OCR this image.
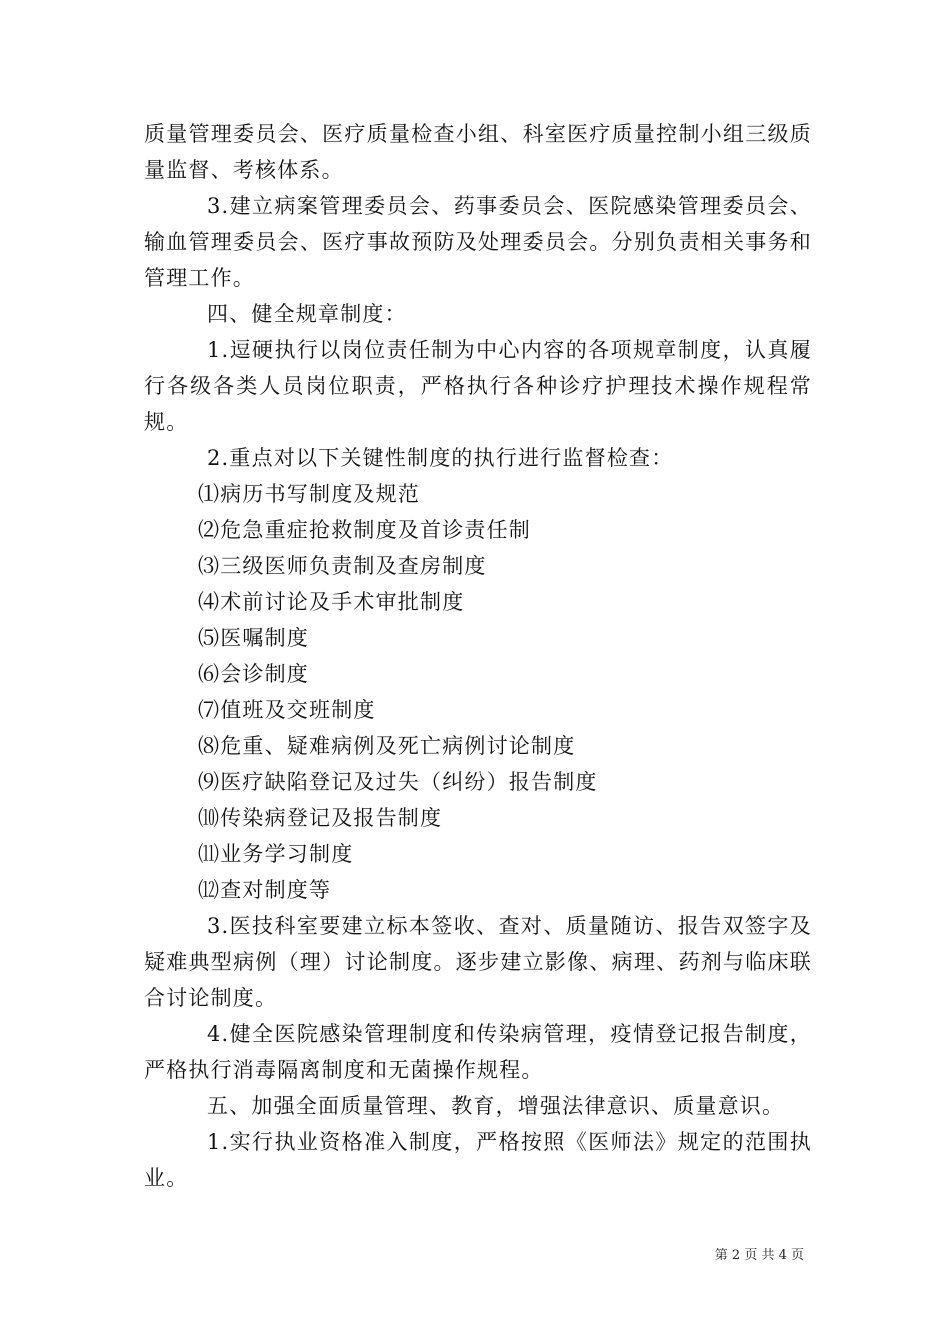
质量管理委员会、医疗质量检查小组、科室医疗质量控制小组三级质量监督、考核体系。

3.建立病案管理委员会、药事委员会、医院感染管理委员会、输血管理委员会、医疗事故预防及处理委员会。分别负责相关事务和管理工作。

四、健全规章制度：

1.逗硬执行以岗位责任制为中心内容的各项规章制度，认真履行各级各类人员岗位职责，严格执行各种诊疗护理技术操作规程常规。

2.重点对以下关键性制度的执行进行监督检查：

⑴病历书写制度及规范

⑵危急重症抢救制度及首诊责任制

⑶三级医师负责制及查房制度

⑷术前讨论及手术审批制度

⑸医嘱制度

⑹会诊制度

⑺值班及交班制度

⑻危重、疑难病例及死亡病例讨论制度

⑼医疗缺陷登记及过失（纠纷）报告制度

⑽传染病登记及报告制度

⑾业务学习制度

⑿查对制度等

3.医技科室要建立标本签收、查对、质量随访、报告双签字及疑难典型病例（理）讨论制度。逐步建立影像、病理、药剂与临床联合讨论制度。

4.健全医院感染管理制度和传染病管理，疫情登记报告制度，严格执行消毒隔离制度和无菌操作规程。

五、加强全面质量管理、教育，增强法律意识、质量意识。

1.实行执业资格准入制度，严格按照《医师法》规定的范围执业。

第 2 页 共 4 页
